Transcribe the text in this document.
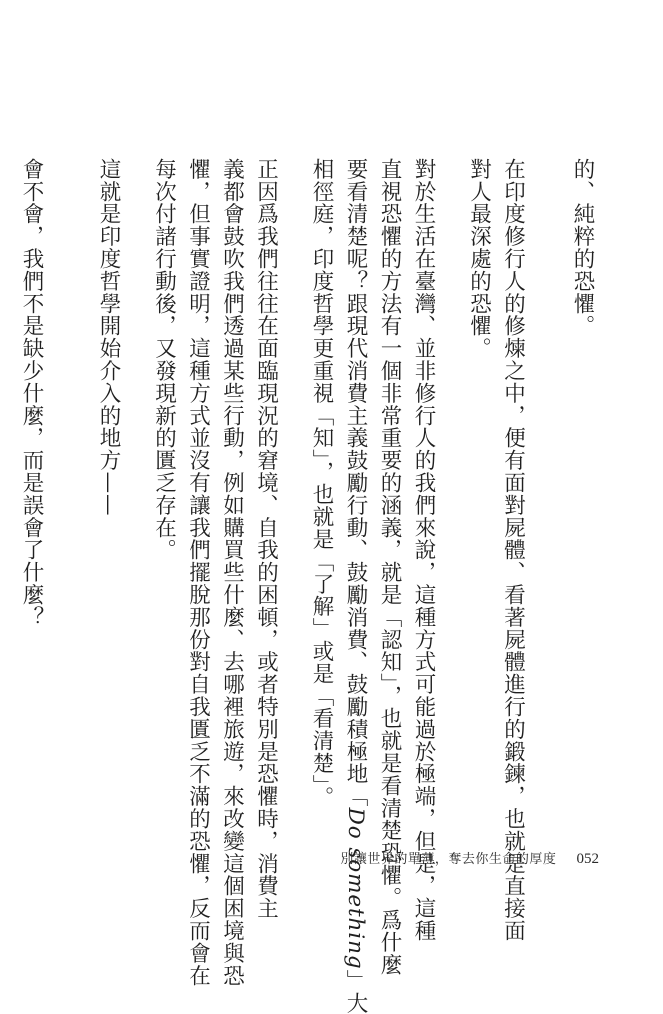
的、純粹的恐懼。
在印度修行人的修煉之中，便有面對屍體、看著屍體進行的鍛鍊，也就是直接面
對人最深處的恐懼。
對於生活在臺灣、並非修行人的我們來說，這種方式可能過於極端，但是，這種
直視恐懼的方法有一個非常重要的涵義，就是「認知」，也就是看清楚恐懼。爲什麼
要看清楚呢？跟現代消費主義鼓勵行動、鼓勵消費、鼓勵積極地「Do something」大
相徑庭，印度哲學更重視「知」，也就是「了解」或是「看清楚」。
正因爲我們往往在面臨現況的窘境、自我的困頓，或者特別是恐懼時，消費主
義都會鼓吹我們透過某些行動，例如購買些什麼、去哪裡旅遊，來改變這個困境與恐
懼，但事實證明，這種方式並沒有讓我們擺脫那份對自我匱乏不滿的恐懼，反而會在
每次付諸行動後，又發現新的匱乏存在。
這就是印度哲學開始介入的地方——
會不會，我們不是缺少什麼，而是誤會了什麼？
別讓世界的單薄，奪去你生命的厚度 052
